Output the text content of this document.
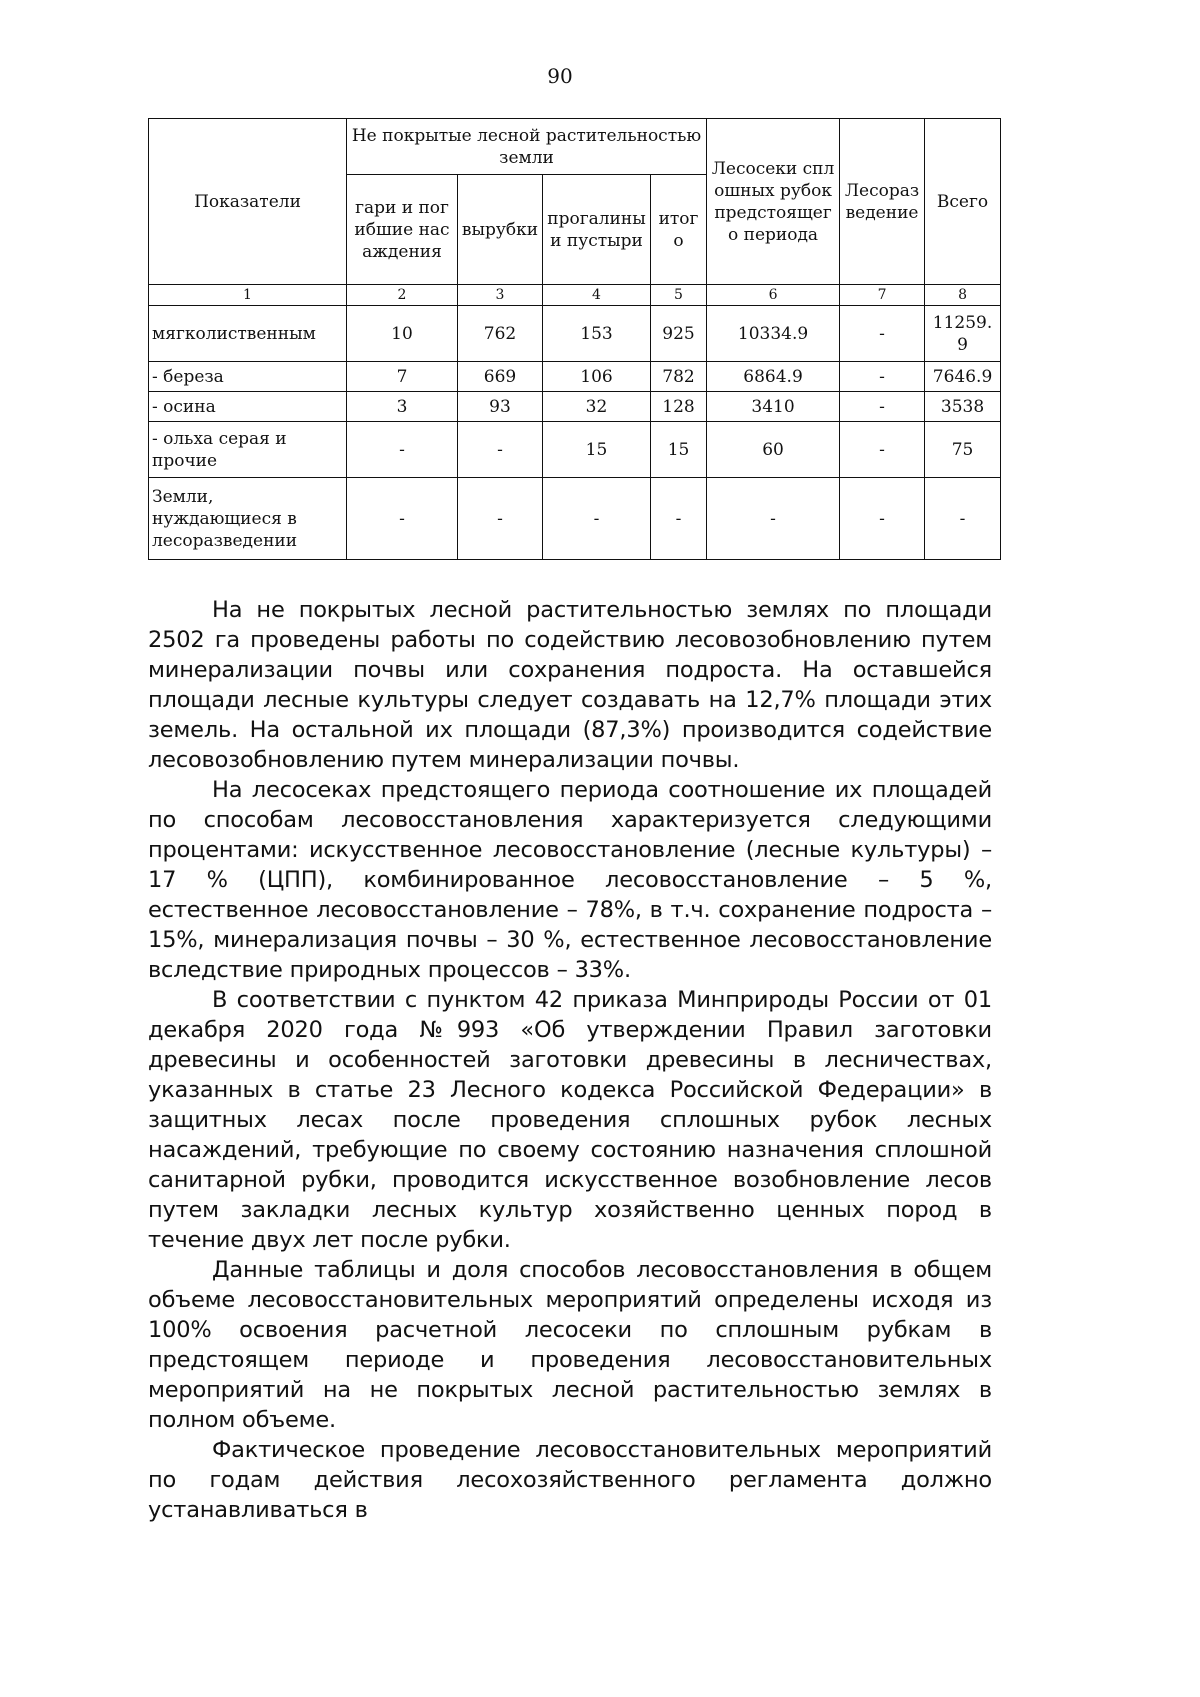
90
Показатели	Не покрытые лесной растительностью земли				Лесосеки сплошных рубок предстоящего периода	Лесоразведение	Всего
	гари и погибшие насаждения	вырубки	прогалины и пустыри	итого			
1	2	3	4	5	6	7	8
мягколиственным	10	762	153	925	10334.9	-	11259.9
- береза	7	669	106	782	6864.9	-	7646.9
- осина	3	93	32	128	3410	-	3538
- ольха серая и прочие	-	-	15	15	60	-	75
Земли, нуждающиеся в лесоразведении	-	-	-	-	-	-	-

На не покрытых лесной растительностью землях по площади 2502 га проведены работы по содействию лесовозобновлению путем минерализации почвы или сохранения подроста. На оставшейся площади лесные культуры следует создавать на 12,7% площади этих земель. На остальной их площади (87,3%) производится содействие лесовозобновлению путем минерализации почвы.

На лесосеках предстоящего периода соотношение их площадей по способам лесовосстановления характеризуется следующими процентами: искусственное лесовосстановление (лесные культуры) – 17 % (ЦПП), комбинированное лесовосстановление – 5 %, естественное лесовосстановление – 78%, в т.ч. сохранение подроста – 15%, минерализация почвы – 30 %, естественное лесовосстановление вследствие природных процессов – 33%.

В соответствии с пунктом 42 приказа Минприроды России от 01 декабря 2020 года №993 «Об утверждении Правил заготовки древесины и особенностей заготовки древесины в лесничествах, указанных в статье 23 Лесного кодекса Российской Федерации» в защитных лесах после проведения сплошных рубок лесных насаждений, требующие по своему состоянию назначения сплошной санитарной рубки, проводится искусственное возобновление лесов путем закладки лесных культур хозяйственно ценных пород в течение двух лет после рубки.

Данные таблицы и доля способов лесовосстановления в общем объеме лесовосстановительных мероприятий определены исходя из 100% освоения расчетной лесосеки по сплошным рубкам в предстоящем периоде и проведения лесовосстановительных мероприятий на не покрытых лесной растительностью землях в полном объеме.

Фактическое проведение лесовосстановительных мероприятий по годам действия лесохозяйственного регламента должно устанавливаться в
